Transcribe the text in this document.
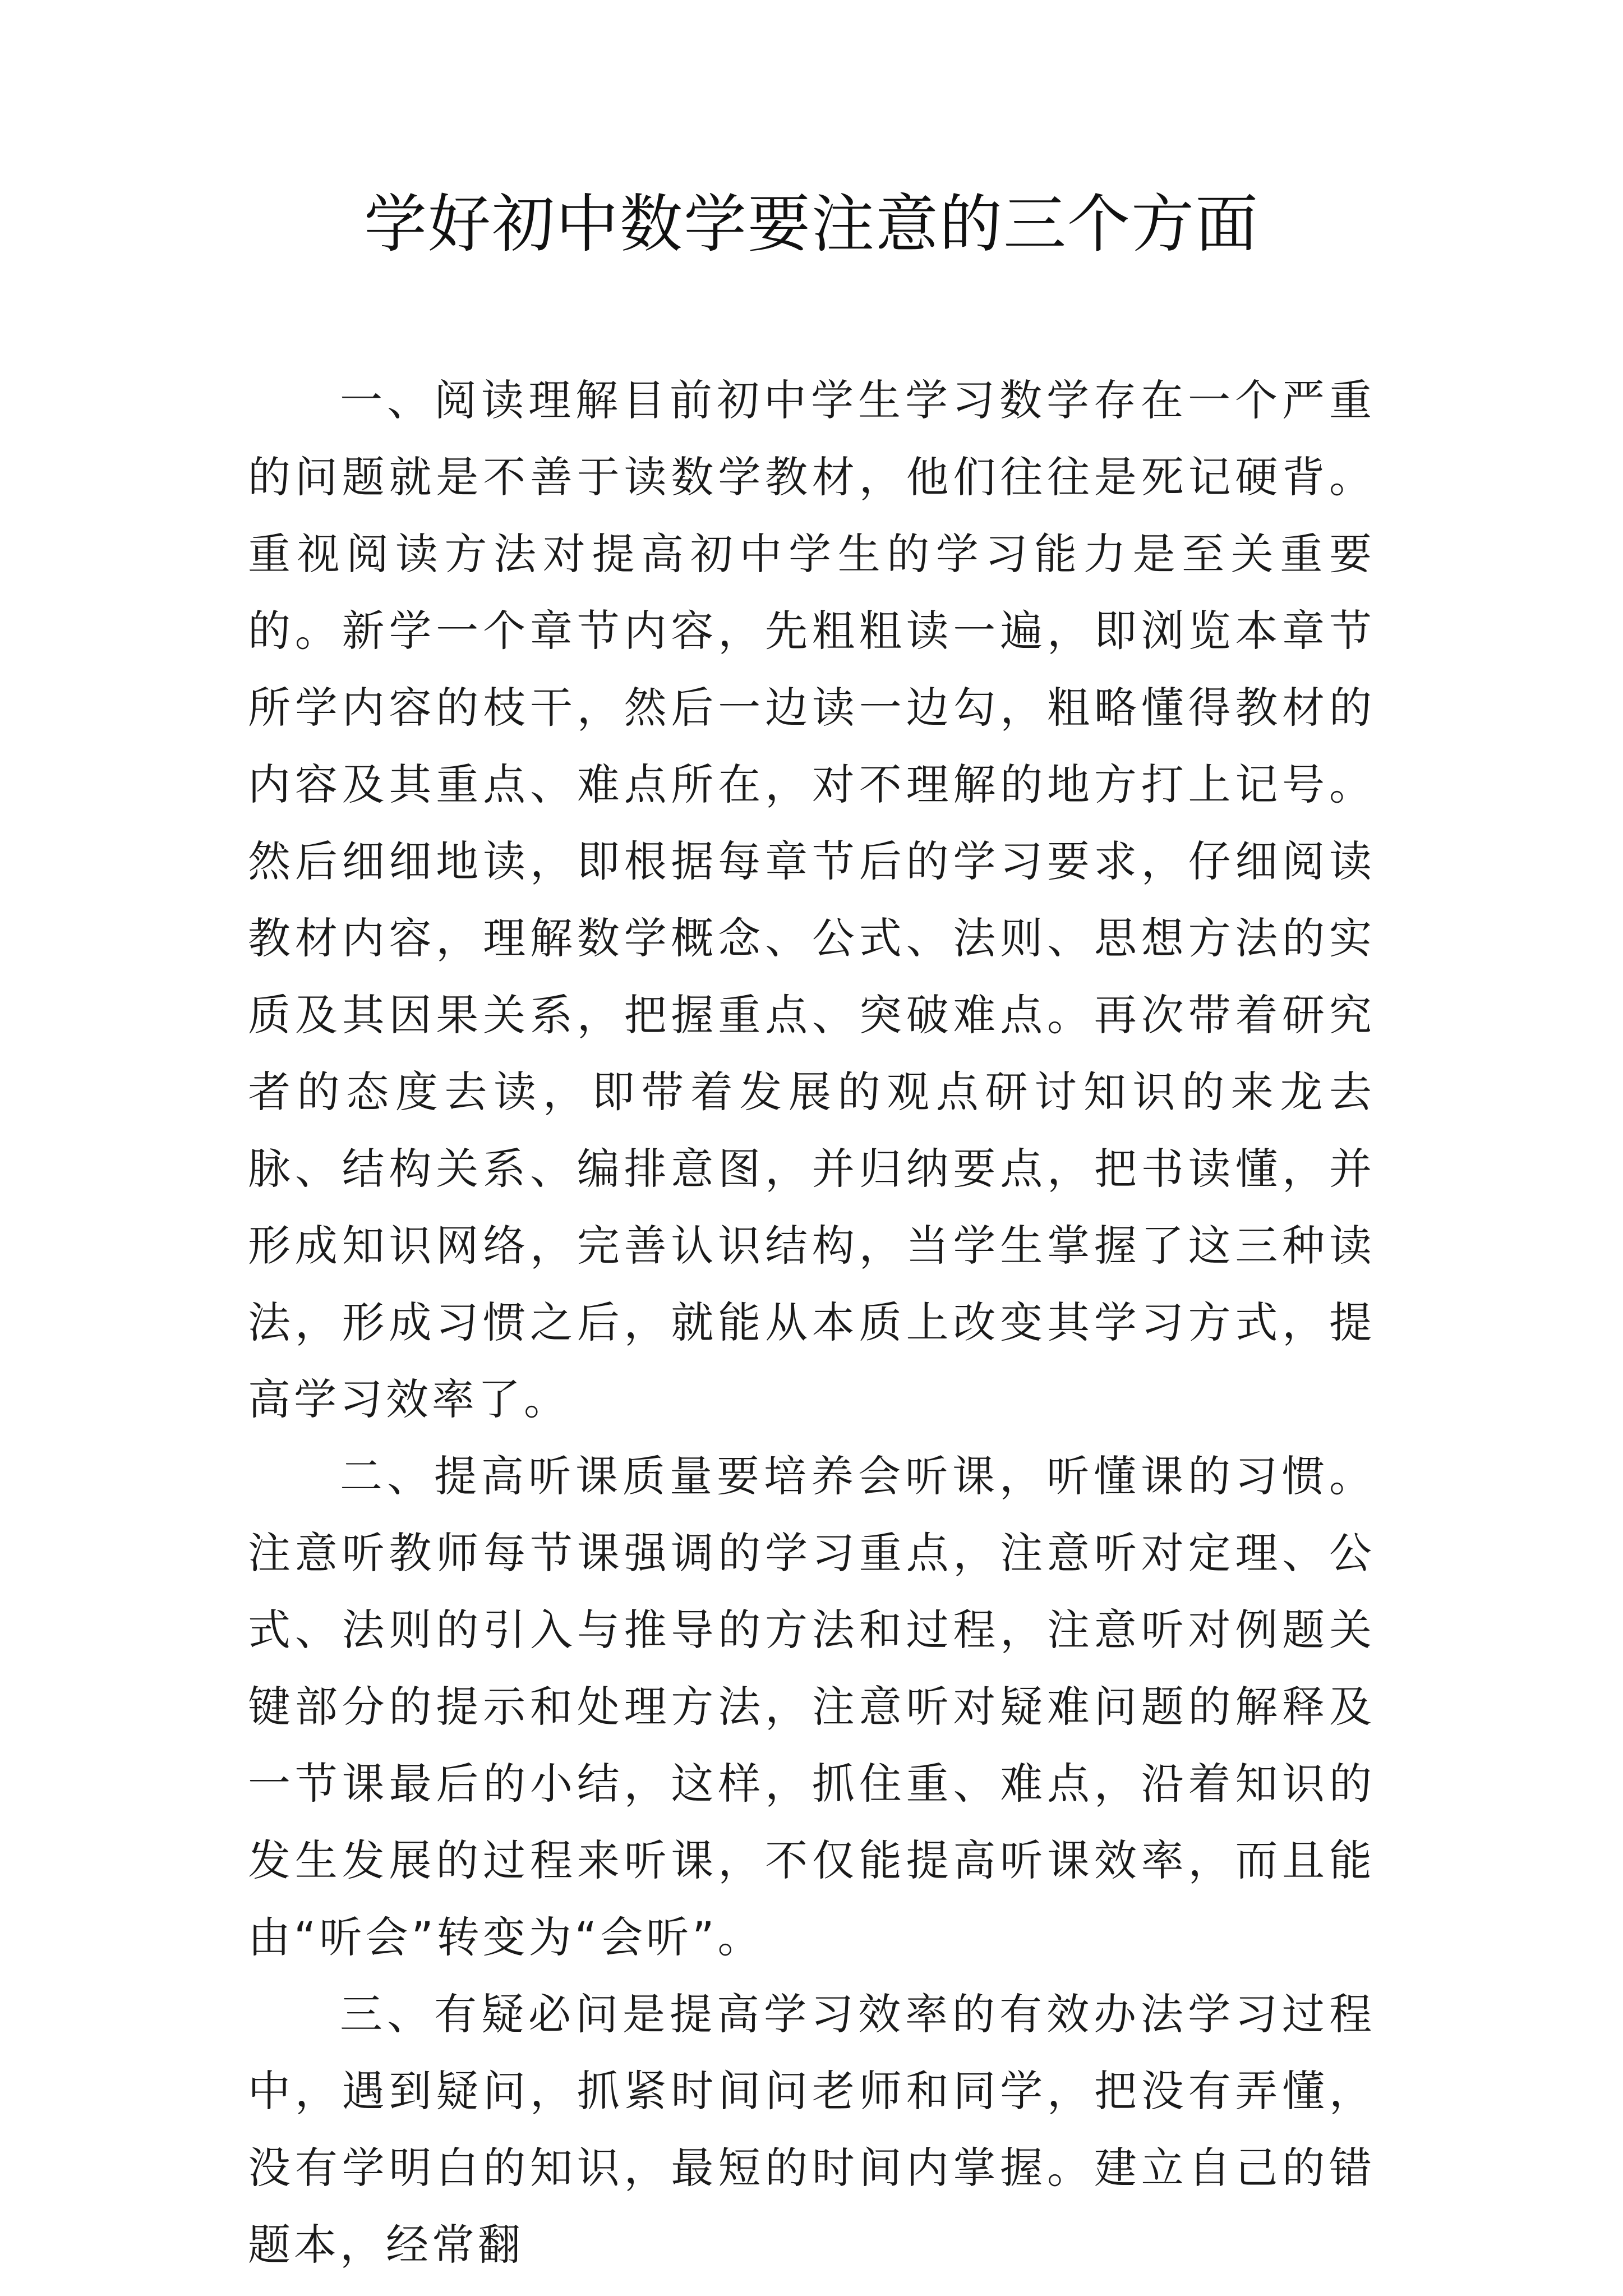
学好初中数学要注意的三个方面

一、阅读理解目前初中学生学习数学存在一个严重的问题就是不善于读数学教材，他们往往是死记硬背。重视阅读方法对提高初中学生的学习能力是至关重要的。新学一个章节内容，先粗粗读一遍，即浏览本章节所学内容的枝干，然后一边读一边勾，粗略懂得教材的内容及其重点、难点所在，对不理解的地方打上记号。然后细细地读，即根据每章节后的学习要求，仔细阅读教材内容，理解数学概念、公式、法则、思想方法的实质及其因果关系，把握重点、突破难点。再次带着研究者的态度去读，即带着发展的观点研讨知识的来龙去脉、结构关系、编排意图，并归纳要点，把书读懂，并形成知识网络，完善认识结构，当学生掌握了这三种读法，形成习惯之后，就能从本质上改变其学习方式，提高学习效率了。

二、提高听课质量要培养会听课，听懂课的习惯。注意听教师每节课强调的学习重点，注意听对定理、公式、法则的引入与推导的方法和过程，注意听对例题关键部分的提示和处理方法，注意听对疑难问题的解释及一节课最后的小结，这样，抓住重、难点，沿着知识的发生发展的过程来听课，不仅能提高听课效率，而且能由“听会”转变为“会听”。

三、有疑必问是提高学习效率的有效办法学习过程中，遇到疑问，抓紧时间问老师和同学，把没有弄懂，没有学明白的知识，最短的时间内掌握。建立自己的错题本，经常翻
